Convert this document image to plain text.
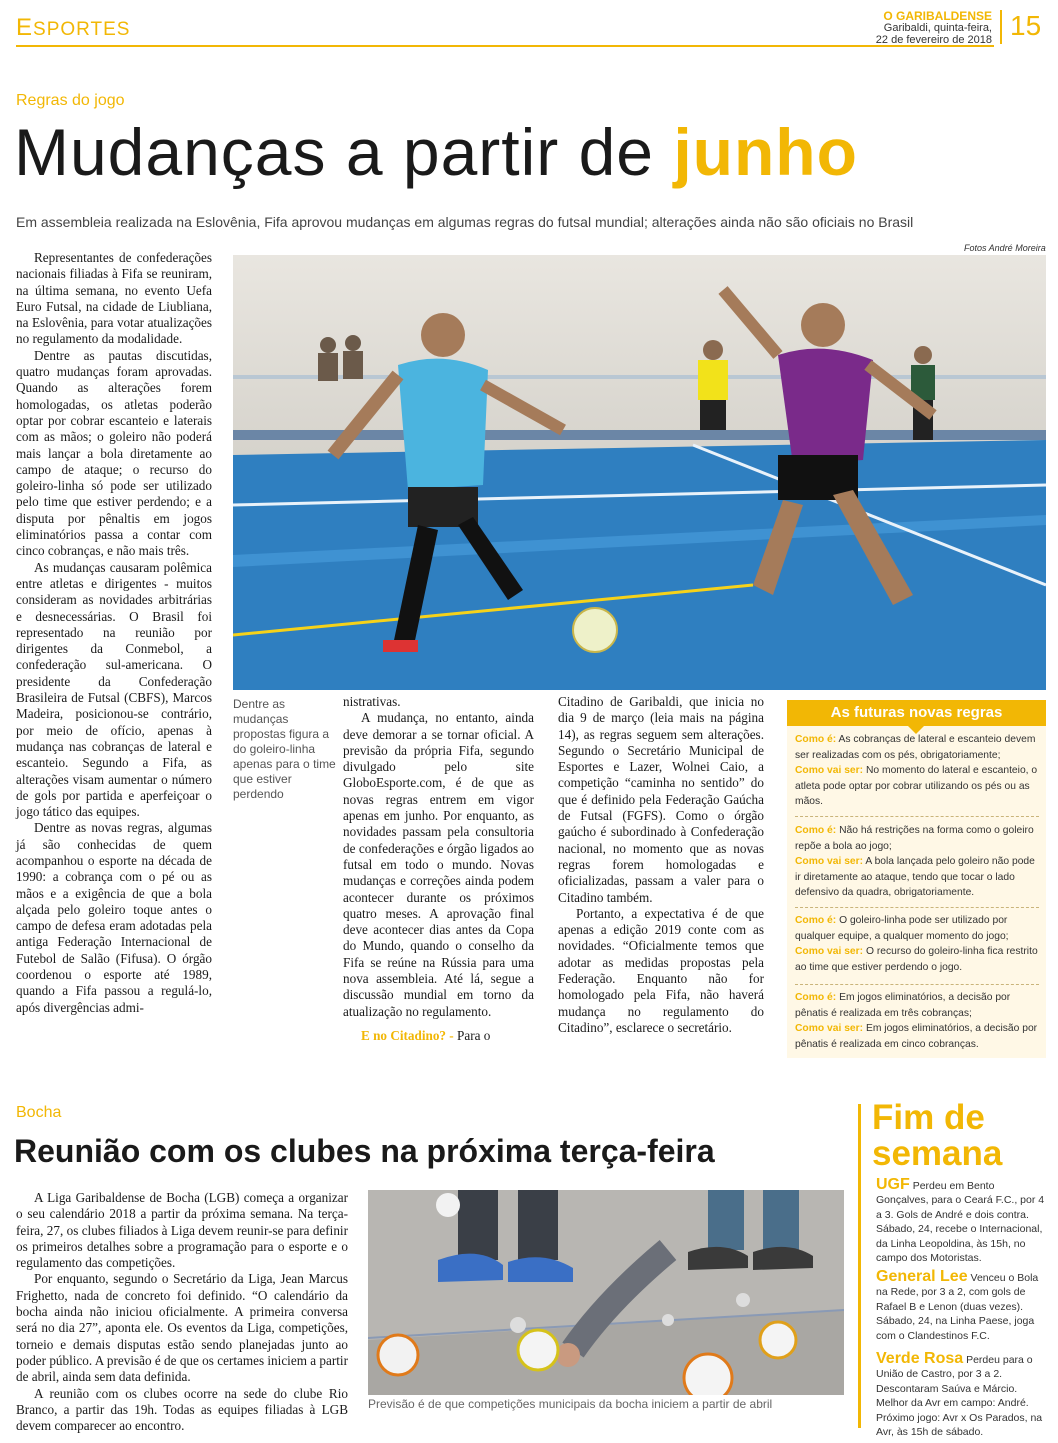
ESPORTES
O GARIBALDENSE
Garibaldi, quinta-feira,
22 de fevereiro de 2018 15
Regras do jogo
Mudanças a partir de junho
Em assembleia realizada na Eslovênia, Fifa aprovou mudanças em algumas regras do futsal mundial; alterações ainda não são oficiais no Brasil
Fotos André Moreira

Representantes de confederações nacionais filiadas à Fifa se reuniram, na última semana, no evento Uefa Euro Futsal, na cidade de Liubliana, na Eslovênia, para votar atualizações no regulamento da modalidade.

Dentre as pautas discutidas, quatro mudanças foram aprovadas. Quando as alterações forem homologadas, os atletas poderão optar por cobrar escanteio e laterais com as mãos; o goleiro não poderá mais lançar a bola diretamente ao campo de ataque; o recurso do goleiro-linha só pode ser utilizado pelo time que estiver perdendo; e a disputa por pênaltis em jogos eliminatórios passa a contar com cinco cobranças, e não mais três.

As mudanças causaram polêmica entre atletas e dirigentes - muitos consideram as novidades arbitrárias e desnecessárias. O Brasil foi representado na reunião por dirigentes da Conmebol, a confederação sul-americana. O presidente da Confederação Brasileira de Futsal (CBFS), Marcos Madeira, posicionou-se contrário, por meio de ofício, apenas à mudança nas cobranças de lateral e escanteio. Segundo a Fifa, as alterações visam aumentar o número de gols por partida e aperfeiçoar o jogo tático das equipes.

Dentre as novas regras, algumas já são conhecidas de quem acompanhou o esporte na década de 1990: a cobrança com o pé ou as mãos e a exigência de que a bola alçada pelo goleiro toque antes o campo de defesa eram adotadas pela antiga Federação Internacional de Futebol de Salão (Fifusa). O órgão coordenou o esporte até 1989, quando a Fifa passou a regulá-lo, após divergências admi-

Dentre as mudanças propostas figura a do goleiro-linha apenas para o time que estiver perdendo

nistrativas.

A mudança, no entanto, ainda deve demorar a se tornar oficial. A previsão da própria Fifa, segundo divulgado pelo site GloboEsporte.com, é de que as novas regras entrem em vigor apenas em junho. Por enquanto, as novidades passam pela consultoria de confederações e órgão ligados ao futsal em todo o mundo. Novas mudanças e correções ainda podem acontecer durante os próximos quatro meses. A aprovação final deve acontecer dias antes da Copa do Mundo, quando o conselho da Fifa se reúne na Rússia para uma nova assembleia. Até lá, segue a discussão mundial em torno da atualização no regulamento.

E no Citadino? - Para o

Citadino de Garibaldi, que inicia no dia 9 de março (leia mais na página 14), as regras seguem sem alterações. Segundo o Secretário Municipal de Esportes e Lazer, Wolnei Caio, a competição “caminha no sentido” do que é definido pela Federação Gaúcha de Futsal (FGFS). Como o órgão gaúcho é subordinado à Confederação nacional, no momento que as novas regras forem homologadas e oficializadas, passam a valer para o Citadino também.

Portanto, a expectativa é de que apenas a edição 2019 conte com as novidades. “Oficialmente temos que adotar as medidas propostas pela Federação. Enquanto não for homologado pela Fifa, não haverá mudança no regulamento do Citadino”, esclarece o secretário.

As futuras novas regras
Como é: As cobranças de lateral e escanteio devem ser realizadas com os pés, obrigatoriamente;
Como vai ser: No momento do lateral e escanteio, o atleta pode optar por cobrar utilizando os pés ou as mãos.
Como é: Não há restrições na forma como o goleiro repõe a bola ao jogo;
Como vai ser: A bola lançada pelo goleiro não pode ir diretamente ao ataque, tendo que tocar o lado defensivo da quadra, obrigatoriamente.
Como é: O goleiro-linha pode ser utilizado por qualquer equipe, a qualquer momento do jogo;
Como vai ser: O recurso do goleiro-linha fica restrito ao time que estiver perdendo o jogo.
Como é: Em jogos eliminatórios, a decisão por pênatis é realizada em três cobranças;
Como vai ser: Em jogos eliminatórios, a decisão por pênatis é realizada em cinco cobranças.
Bocha
Reunião com os clubes na próxima terça-feira

A Liga Garibaldense de Bocha (LGB) começa a organizar o seu calendário 2018 a partir da próxima semana. Na terça-feira, 27, os clubes filiados à Liga devem reunir-se para definir os primeiros detalhes sobre a programação para o esporte e o regulamento das competições.

Por enquanto, segundo o Secretário da Liga, Jean Marcus Frighetto, nada de concreto foi definido. “O calendário da bocha ainda não iniciou oficialmente. A primeira conversa será no dia 27”, aponta ele. Os eventos da Liga, competições, torneio e demais disputas estão sendo planejadas junto ao poder público. A previsão é de que os certames iniciem a partir de abril, ainda sem data definida.

A reunião com os clubes ocorre na sede do clube Rio Branco, a partir das 19h. Todas as equipes filiadas à LGB devem comparecer ao encontro.

Previsão é de que competições municipais da bocha iniciem a partir de abril
Fim de
semana
UGF Perdeu em Bento Gonçalves, para o Ceará F.C., por 4 a 3. Gols de André e dois contra. Sábado, 24, recebe o Internacional, da Linha Leopoldina, às 15h, no campo dos Motoristas.
General Lee Venceu o Bola na Rede, por 3 a 2, com gols de Rafael B e Lenon (duas vezes). Sábado, 24, na Linha Paese, joga com o Clandestinos F.C.
Verde Rosa Perdeu para o União de Castro, por 3 a 2. Descontaram Saúva e Márcio. Melhor da Avr em campo: André. Próximo jogo: Avr x Os Parados, na Avr, às 15h de sábado.
